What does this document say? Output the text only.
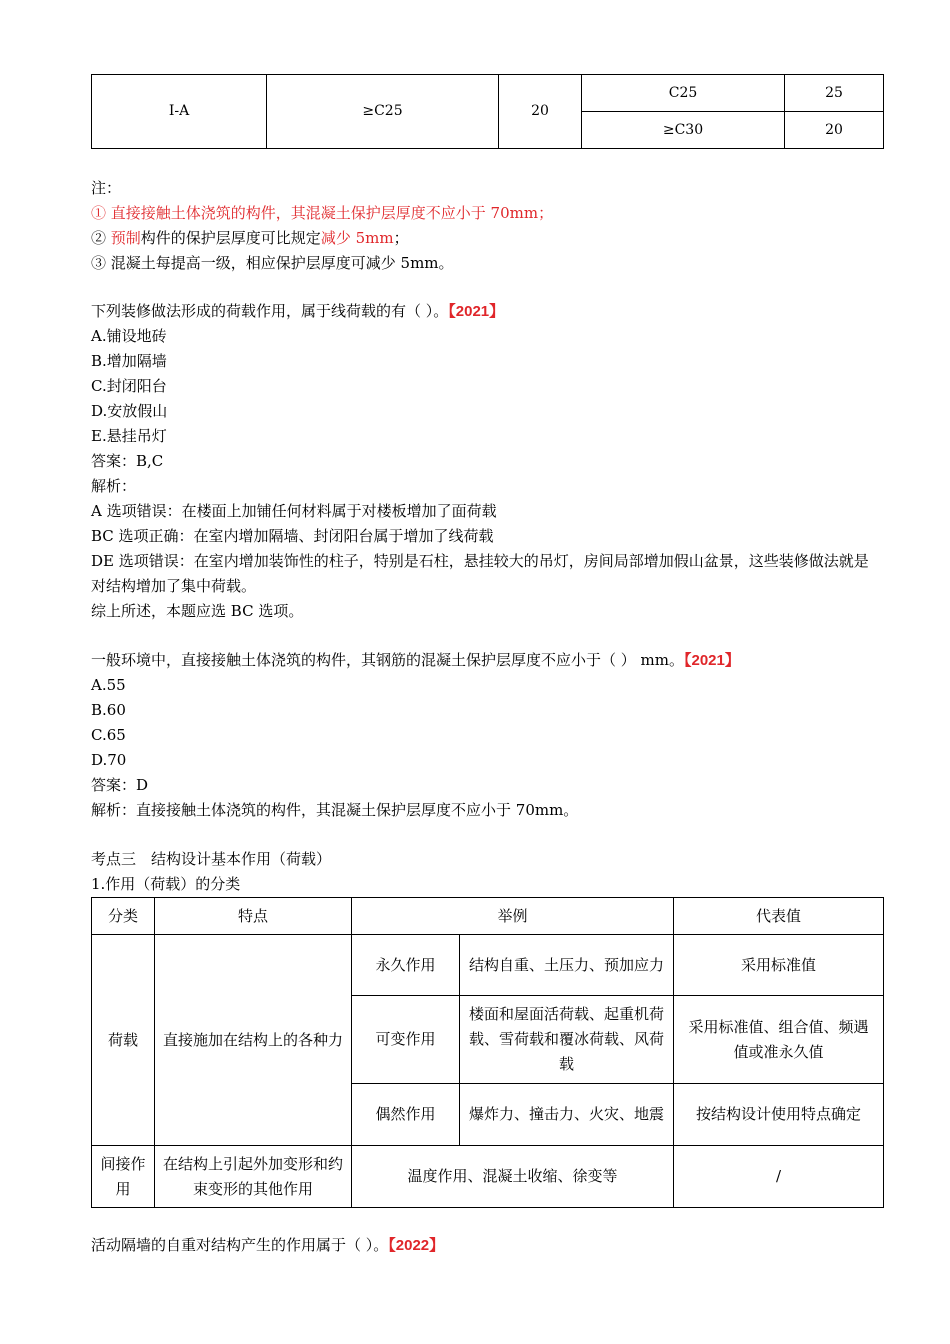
I-A	≥C25	20	C25	25
			≥C30	20
注：
① 直接接触土体浇筑的构件，其混凝土保护层厚度不应小于 70mm；
② 预制构件的保护层厚度可比规定减少 5mm；
③ 混凝土每提高一级，相应保护层厚度可减少 5mm。
下列装修做法形成的荷载作用，属于线荷载的有（ ）。【2021】
A.铺设地砖
B.增加隔墙
C.封闭阳台
D.安放假山
E.悬挂吊灯
答案：B,C
解析：
A 选项错误：在楼面上加铺任何材料属于对楼板增加了面荷载
BC 选项正确：在室内增加隔墙、封闭阳台属于增加了线荷载
DE 选项错误：在室内增加装饰性的柱子，特别是石柱，悬挂较大的吊灯，房间局部增加假山盆景，这些装修做法就是对结构增加了集中荷载。
综上所述，本题应选 BC 选项。
一般环境中，直接接触土体浇筑的构件，其钢筋的混凝土保护层厚度不应小于（ ） mm。【2021】
A.55
B.60
C.65
D.70
答案：D
解析：直接接触土体浇筑的构件，其混凝土保护层厚度不应小于 70mm。
考点三　结构设计基本作用（荷载）
1.作用（荷载）的分类
分类	特点	举例		代表值
荷载	直接施加在结构上的各种力	永久作用	结构自重、土压力、预加应力	采用标准值
		可变作用	楼面和屋面活荷载、起重机荷载、雪荷载和覆冰荷载、风荷载	采用标准值、组合值、频遇值或准永久值
		偶然作用	爆炸力、撞击力、火灾、地震	按结构设计使用特点确定
间接作用	在结构上引起外加变形和约束变形的其他作用	温度作用、混凝土收缩、徐变等		/
活动隔墙的自重对结构产生的作用属于（ ）。【2022】
